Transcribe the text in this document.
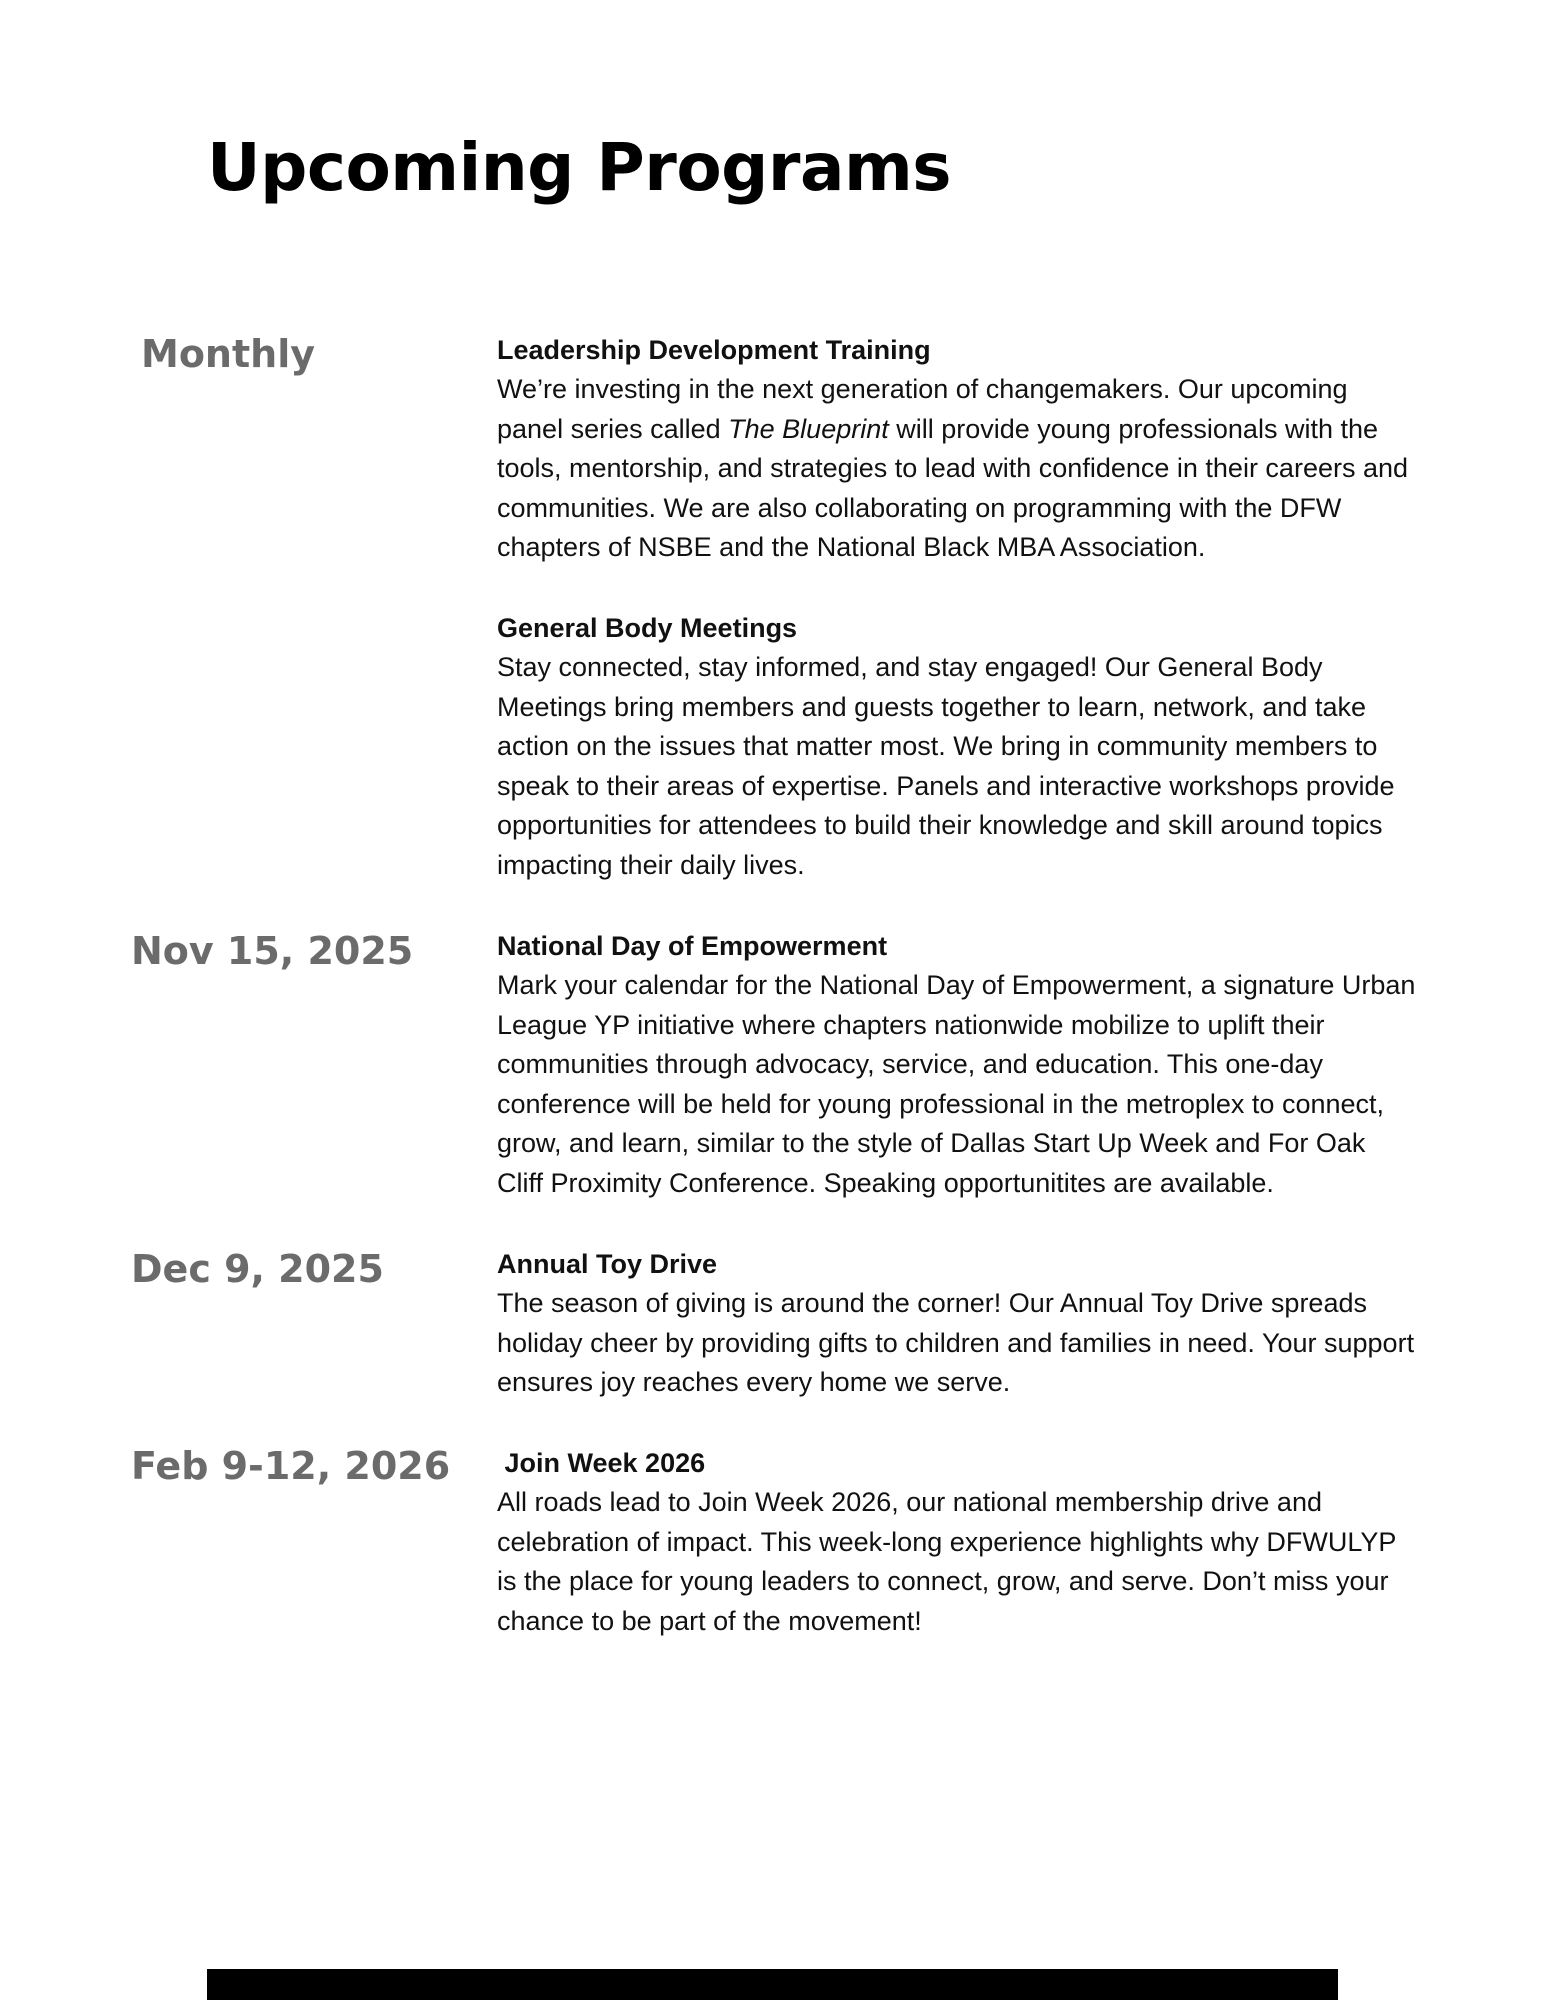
Upcoming Programs
Monthly	Leadership Development Training

We’re investing in the next generation of changemakers. Our upcoming panel series called The Blueprint will provide young professionals with the tools, mentorship, and strategies to lead with confidence in their careers and communities. We are also collaborating on programming with the DFW chapters of NSBE and the National Black MBA Association.

General Body Meetings

Stay connected, stay informed, and stay engaged! Our General Body Meetings bring members and guests together to learn, network, and take action on the issues that matter most. We bring in community members to speak to their areas of expertise. Panels and interactive workshops provide opportunities for attendees to build their knowledge and skill around topics impacting their daily lives.

Nov 15, 2025	National Day of Empowerment

Mark your calendar for the National Day of Empowerment, a signature Urban League YP initiative where chapters nationwide mobilize to uplift their communities through advocacy, service, and education. This one-day conference will be held for young professional in the metroplex to connect, grow, and learn, similar to the style of Dallas Start Up Week and For Oak Cliff Proximity Conference. Speaking opportunitites are available.

Dec 9, 2025	Annual Toy Drive

The season of giving is around the corner! Our Annual Toy Drive spreads holiday cheer by providing gifts to children and families in need. Your support ensures joy reaches every home we serve.

Feb 9-12, 2026 Join Week 2026

All roads lead to Join Week 2026, our national membership drive and celebration of impact. This week-long experience highlights why DFWULYP is the place for young leaders to connect, grow, and serve. Don’t miss your chance to be part of the movement!
